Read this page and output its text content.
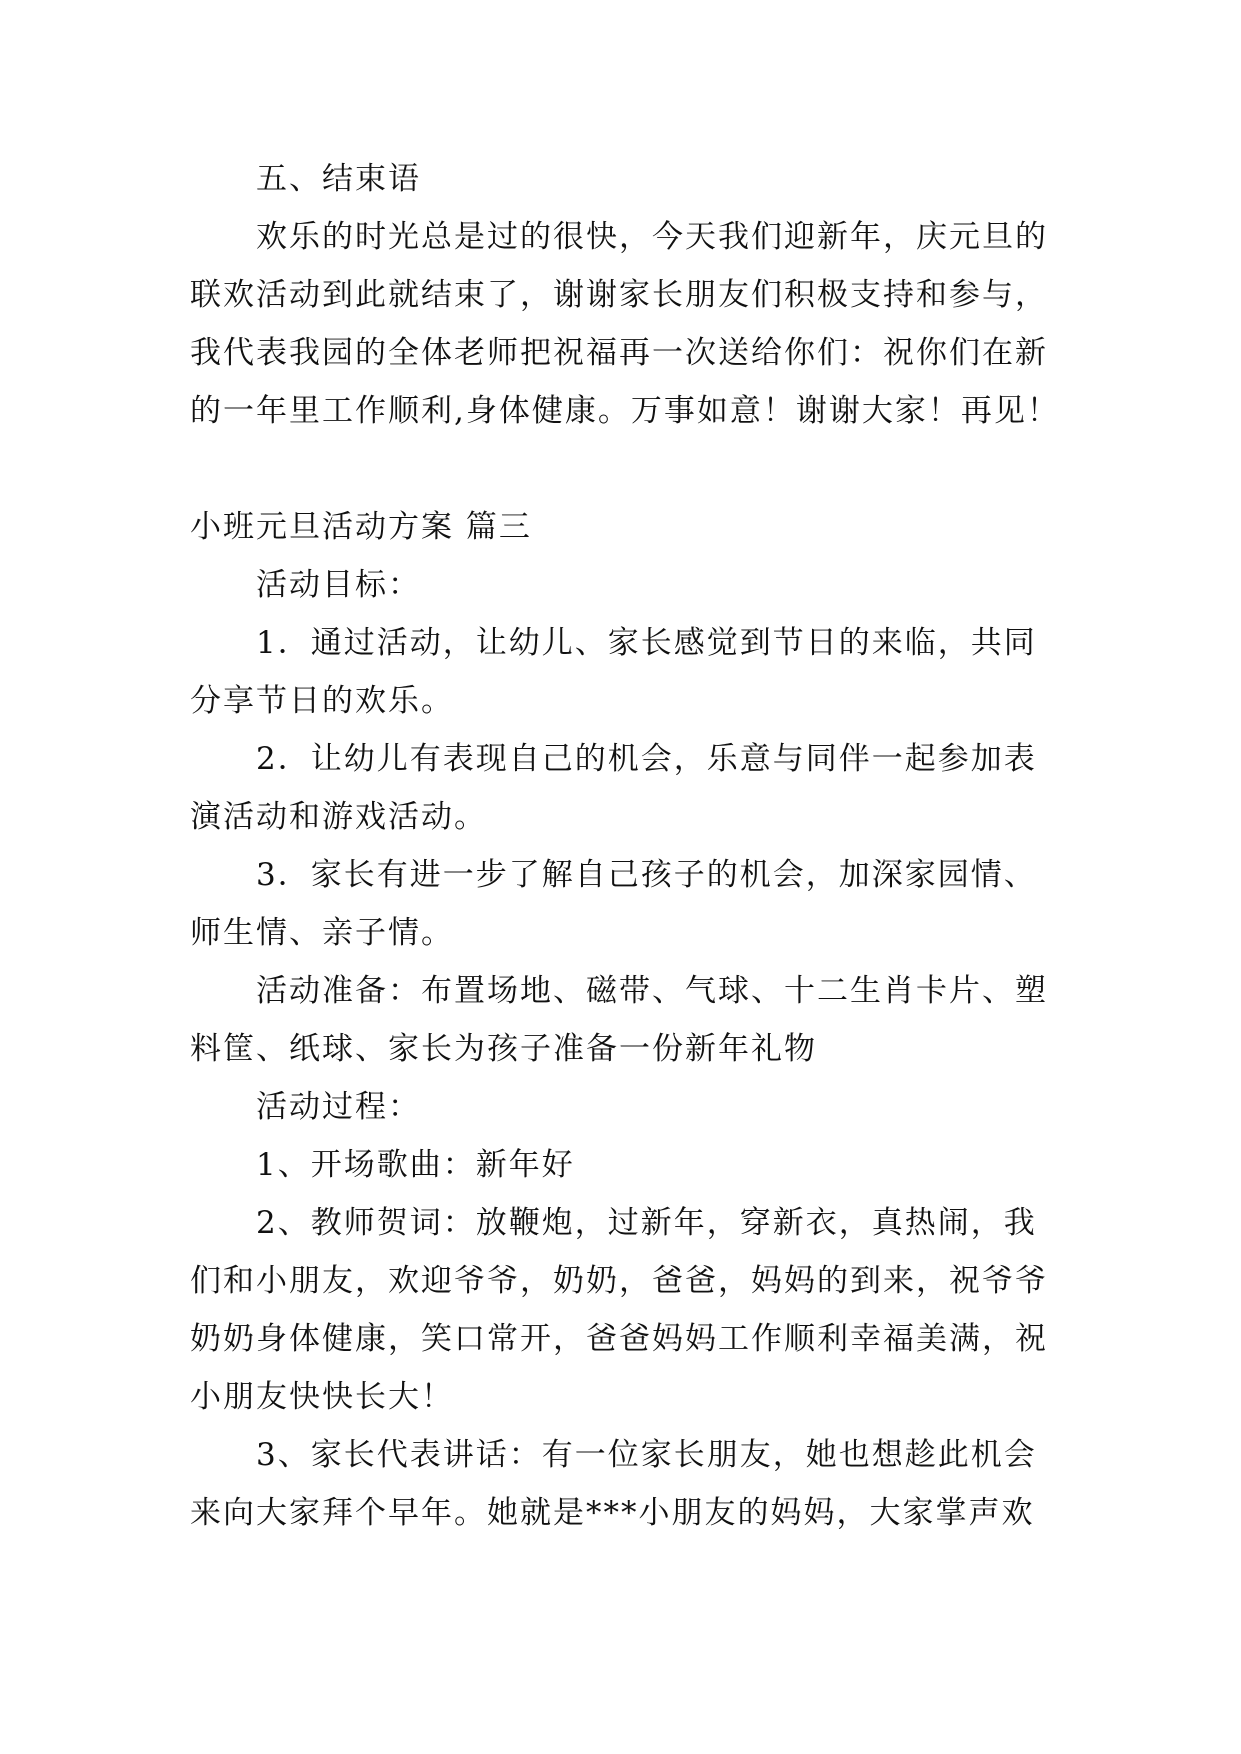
五、结束语

欢乐的时光总是过的很快，今天我们迎新年，庆元旦的

联欢活动到此就结束了，谢谢家长朋友们积极支持和参与，

我代表我园的全体老师把祝福再一次送给你们：祝你们在新

的一年里工作顺利,身体健康。万事如意！谢谢大家！再见！

小班元旦活动方案 篇三

活动目标：

1．通过活动，让幼儿、家长感觉到节日的来临，共同

分享节日的欢乐。

2．让幼儿有表现自己的机会，乐意与同伴一起参加表

演活动和游戏活动。

3．家长有进一步了解自己孩子的机会，加深家园情、

师生情、亲子情。

活动准备：布置场地、磁带、气球、十二生肖卡片、塑

料筐、纸球、家长为孩子准备一份新年礼物

活动过程：

1、开场歌曲：新年好

2、教师贺词：放鞭炮，过新年，穿新衣，真热闹，我

们和小朋友，欢迎爷爷，奶奶，爸爸，妈妈的到来，祝爷爷

奶奶身体健康，笑口常开，爸爸妈妈工作顺利幸福美满，祝

小朋友快快长大！

3、家长代表讲话：有一位家长朋友，她也想趁此机会

来向大家拜个早年。她就是***小朋友的妈妈，大家掌声欢
